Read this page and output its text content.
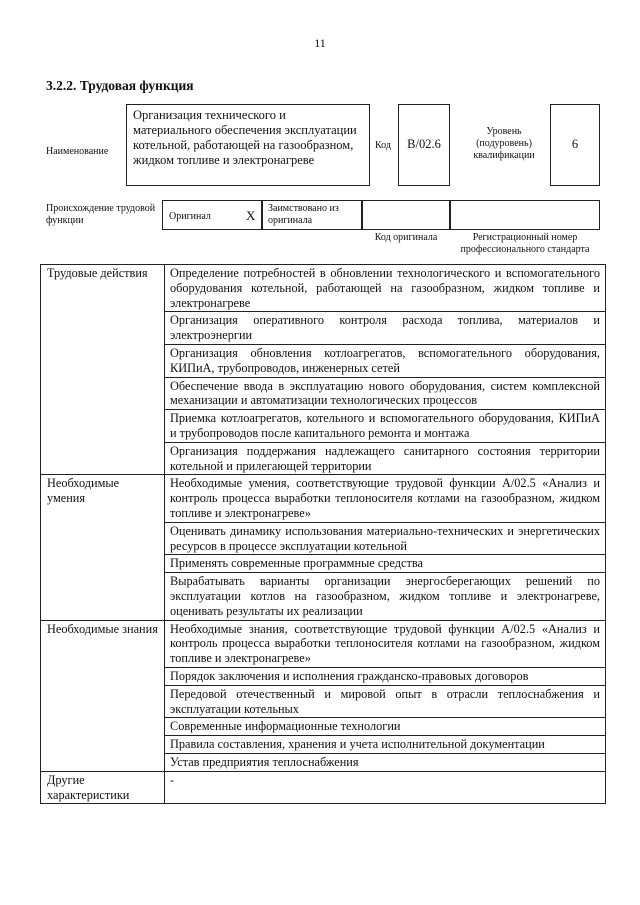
11
3.2.2. Трудовая функция
Наименование
Организация технического и материального обеспечения эксплуатации котельной, работающей на газообразном, жидком топливе и электронагреве
Код	B/02.6
Уровень (подуровень) квалификации
6
Происхождение трудовой функции	Оригинал	X	Заимствовано из оригинала
Код оригинала	Регистрационный номер профессионального стандарта
Трудовые действия	Определение потребностей в обновлении технологического и вспомогательного оборудования котельной, работающей на газообразном, жидком топливе и электронагреве
	Организация оперативного контроля расхода топлива, материалов и электроэнергии
	Организация обновления котлоагрегатов, вспомогательного оборудования, КИПиА, трубопроводов, инженерных сетей
	Обеспечение ввода в эксплуатацию нового оборудования, систем комплексной механизации и автоматизации технологических процессов
	Приемка котлоагрегатов, котельного и вспомогательного оборудования, КИПиА и трубопроводов после капитального ремонта и монтажа
	Организация поддержания надлежащего санитарного состояния территории котельной и прилегающей территории
Необходимые умения	Необходимые умения, соответствующие трудовой функции A/02.5 «Анализ и контроль процесса выработки теплоносителя котлами на газообразном, жидком топливе и электронагреве»
	Оценивать динамику использования материально-технических и энергетических ресурсов в процессе эксплуатации котельной
	Применять современные программные средства
	Вырабатывать варианты организации энергосберегающих решений по эксплуатации котлов на газообразном, жидком топливе и электронагреве, оценивать результаты их реализации
Необходимые знания	Необходимые знания, соответствующие трудовой функции A/02.5 «Анализ и контроль процесса выработки теплоносителя котлами на газообразном, жидком топливе и электронагреве»
	Порядок заключения и исполнения гражданско-правовых договоров
	Передовой отечественный и мировой опыт в отрасли теплоснабжения и эксплуатации котельных
	Современные информационные технологии
	Правила составления, хранения и учета исполнительной документации
	Устав предприятия теплоснабжения
Другие характеристики	-
